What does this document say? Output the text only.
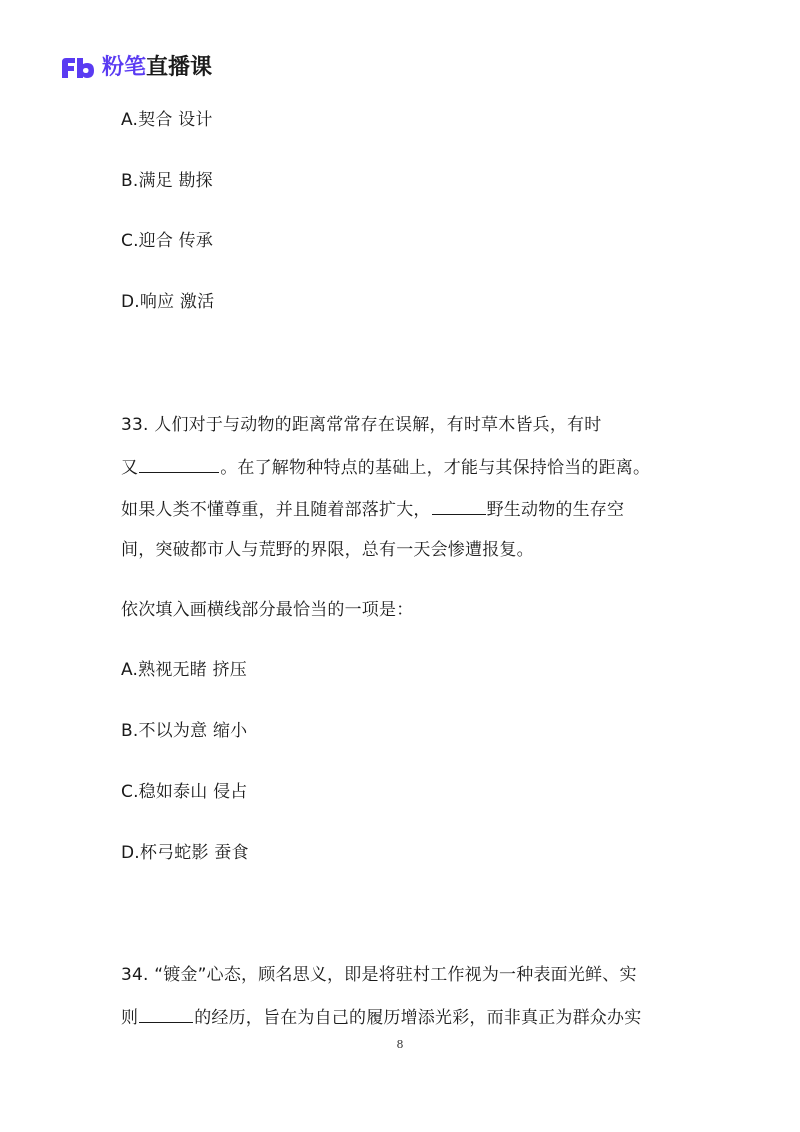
粉笔直播课
A.契合 设计
B.满足 勘探
C.迎合 传承
D.响应 激活
33. 人们对于与动物的距离常常存在误解，有时草木皆兵，有时
又	。在了解物种特点的基础上，才能与其保持恰当的距离。
如果人类不懂尊重，并且随着部落扩大，	野生动物的生存空
间，突破都市人与荒野的界限，总有一天会惨遭报复。
依次填入画横线部分最恰当的一项是：
A.熟视无睹 挤压
B.不以为意 缩小
C.稳如泰山 侵占
D.杯弓蛇影 蚕食
34. “镀金”心态，顾名思义，即是将驻村工作视为一种表面光鲜、实
则	的经历，旨在为自己的履历增添光彩，而非真正为群众办实
8
